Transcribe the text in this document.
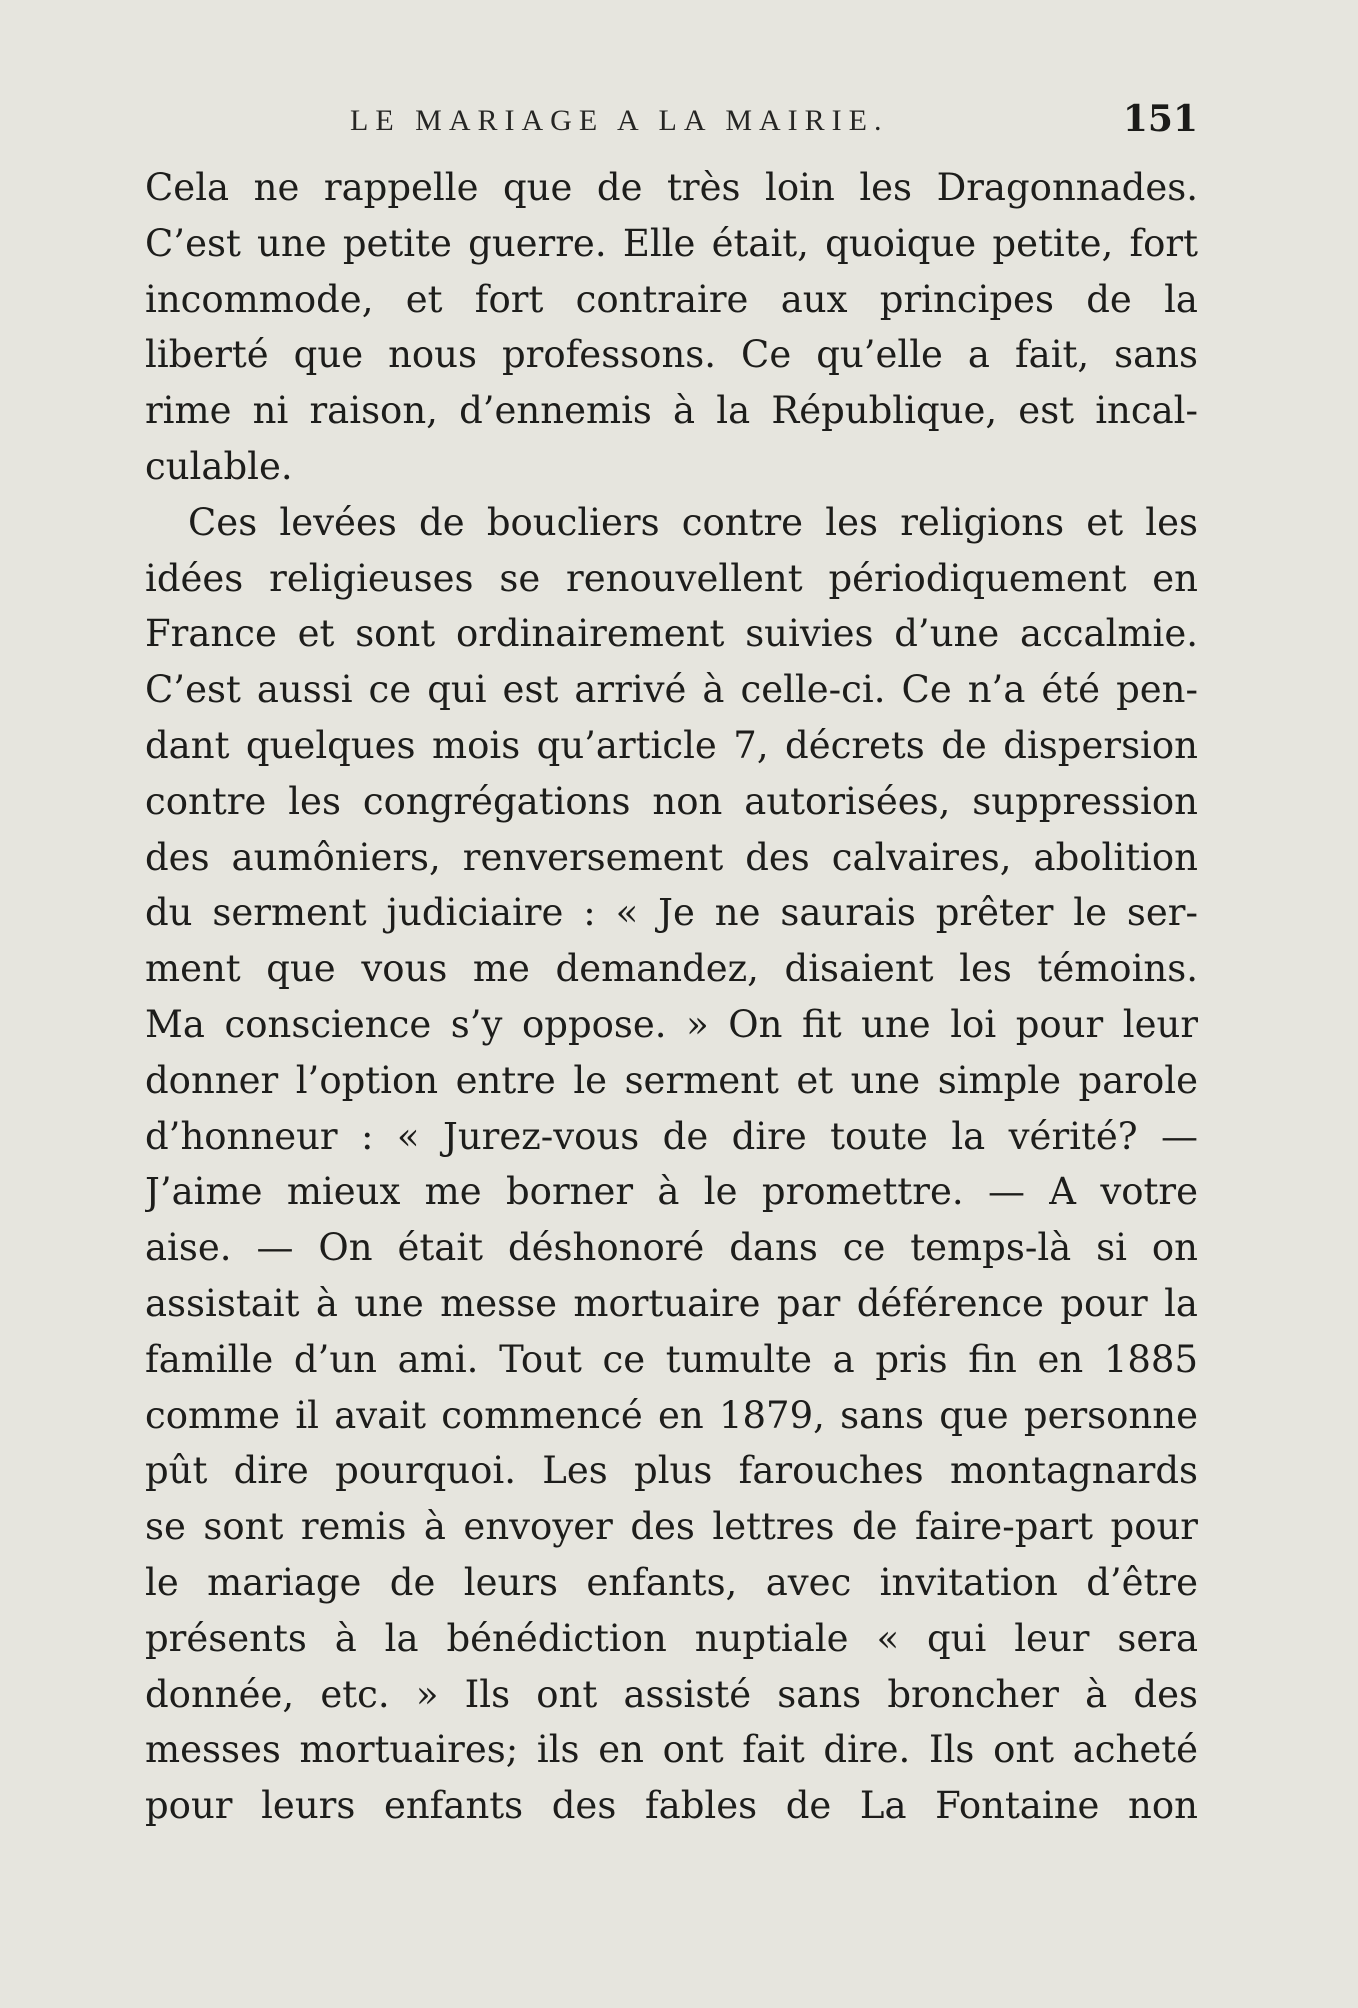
LE MARIAGE A LA MAIRIE.	151
Cela ne rappelle que de très loin les Dragonnades.
C’est une petite guerre. Elle était, quoique petite, fort
incommode, et fort contraire aux principes de la
liberté que nous professons. Ce qu’elle a fait, sans
rime ni raison, d’ennemis à la République, est incal-
culable.
Ces levées de boucliers contre les religions et les
idées religieuses se renouvellent périodiquement en
France et sont ordinairement suivies d’une accalmie.
C’est aussi ce qui est arrivé à celle-ci. Ce n’a été pen-
dant quelques mois qu’article 7, décrets de dispersion
contre les congrégations non autorisées, suppression
des aumôniers, renversement des calvaires, abolition
du serment judiciaire : « Je ne saurais prêter le ser-
ment que vous me demandez, disaient les témoins.
Ma conscience s’y oppose. » On fit une loi pour leur
donner l’option entre le serment et une simple parole
d’honneur : « Jurez-vous de dire toute la vérité? —
J’aime mieux me borner à le promettre. — A votre
aise. — On était déshonoré dans ce temps-là si on
assistait à une messe mortuaire par déférence pour la
famille d’un ami. Tout ce tumulte a pris fin en 1885
comme il avait commencé en 1879, sans que personne
pût dire pourquoi. Les plus farouches montagnards
se sont remis à envoyer des lettres de faire-part pour
le mariage de leurs enfants, avec invitation d’être
présents à la bénédiction nuptiale « qui leur sera
donnée, etc. » Ils ont assisté sans broncher à des
messes mortuaires; ils en ont fait dire. Ils ont acheté
pour leurs enfants des fables de La Fontaine non
